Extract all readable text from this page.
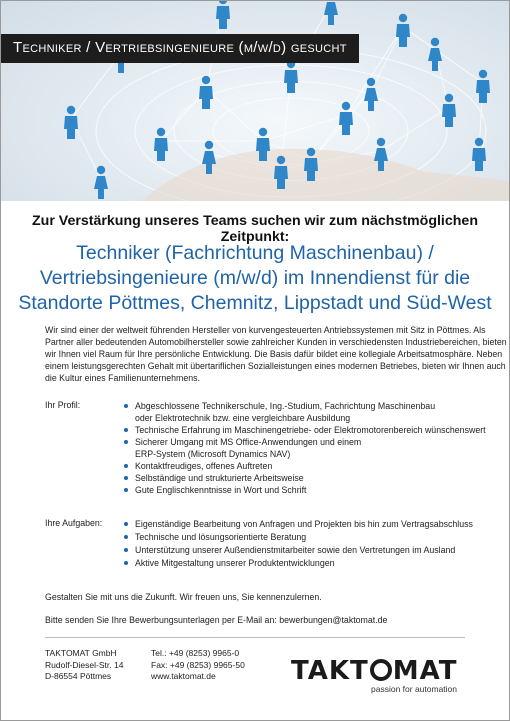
Techniker / Vertriebsingenieure (m/w/d) gesucht
Zur Verstärkung unseres Teams suchen wir zum nächstmöglichen Zeitpunkt:
Techniker (Fachrichtung Maschinenbau) /
Vertriebsingenieure (m/w/d) im Innendienst für die
Standorte Pöttmes, Chemnitz, Lippstadt und Süd-West
Wir sind einer der weltweit führenden Hersteller von kurvengesteuerten Antriebssystemen mit Sitz in Pöttmes. Als
Partner aller bedeutenden Automobilhersteller sowie zahlreicher Kunden in verschiedensten Industriebereichen, bieten
wir Ihnen viel Raum für Ihre persönliche Entwicklung. Die Basis dafür bildet eine kollegiale Arbeitsatmosphäre. Neben
einem leistungsgerechten Gehalt mit übertariflichen Sozialleistungen eines modernen Betriebes, bieten wir Ihnen auch
die Kultur eines Familienunternehmens.
Ihr Profil:	Abgeschlossene Technikerschule, Ing.-Studium, Fachrichtung Maschinenbau
oder Elektrotechnik bzw. eine vergleichbare Ausbildung
Technische Erfahrung im Maschinengetriebe- oder Elektromotorenbereich wünschenswert
Sicherer Umgang mit MS Office-Anwendungen und einem
ERP-System (Microsoft Dynamics NAV)
Kontaktfreudiges, offenes Auftreten
Selbständige und strukturierte Arbeitsweise
Gute Englischkenntnisse in Wort und Schrift
Ihre Aufgaben:	Eigenständige Bearbeitung von Anfragen und Projekten bis hin zum Vertragsabschluss
Technische und lösungsorientierte Beratung
Unterstützung unserer Außendienstmitarbeiter sowie den Vertretungen im Ausland
Aktive Mitgestaltung unserer Produktentwicklungen
Gestalten Sie mit uns die Zukunft. Wir freuen uns, Sie kennenzulernen.
Bitte senden Sie Ihre Bewerbungsunterlagen per E-Mail an: bewerbungen@taktomat.de
TAKTOMAT GmbH
Rudolf-Diesel-Str. 14
D-86554 Pöttmes
Tel.: +49 (8253) 9965-0
Fax: +49 (8253) 9965-50
www.taktomat.de	TAKT MAT
passion for automation
